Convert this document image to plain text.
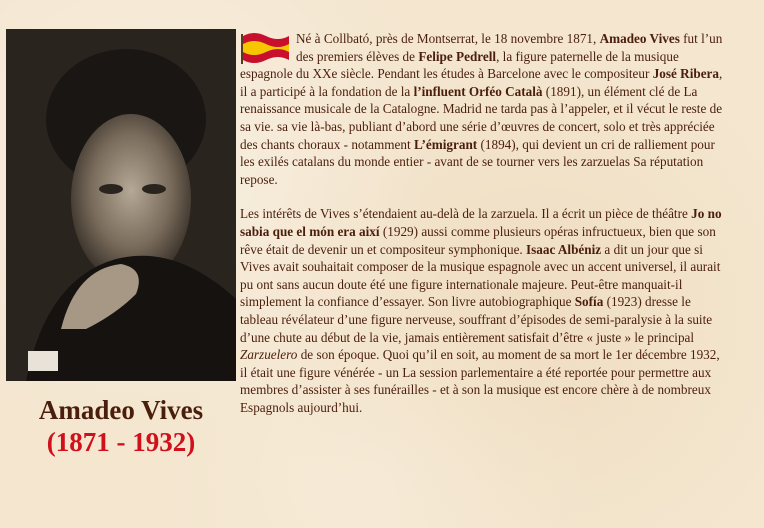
Amadeo Vives
(1871 - 1932)

Né à Collbató, près de Montserrat, le 18 novembre 1871, Amadeo Vives fut l’un des premiers élèves de Felipe Pedrell, la figure paternelle de la musique espagnole du XXe siècle. Pendant les études à Barcelone avec le compositeur José Ribera, il a participé à la fondation de la l’influent Orféo Català (1891), un élément clé de La renaissance musicale de la Catalogne. Madrid ne tarda pas à l’appeler, et il vécut le reste de sa vie. sa vie là-bas, publiant d’abord une série d’œuvres de concert, solo et très appréciée des chants choraux - notamment L’émigrant (1894), qui devient un cri de ralliement pour les exilés catalans du monde entier - avant de se tourner vers les zarzuelas Sa réputation repose.

Les intérêts de Vives s’étendaient au-delà de la zarzuela. Il a écrit un pièce de théâtre Jo no sabia que el món era així (1929) aussi comme plusieurs opéras infructueux, bien que son rêve était de devenir un et compositeur symphonique. Isaac Albéniz a dit un jour que si Vives avait souhaitait composer de la musique espagnole avec un accent universel, il aurait pu ont sans aucun doute été une figure internationale majeure. Peut-être manquait-il simplement la confiance d’essayer. Son livre autobiographique Sofía (1923) dresse le tableau révélateur d’une figure nerveuse, souffrant d’épisodes de semi-paralysie à la suite d’une chute au début de la vie, jamais entièrement satisfait d’être « juste » le principal Zarzuelero de son époque. Quoi qu’il en soit, au moment de sa mort le 1er décembre 1932, il était une figure vénérée - un La session parlementaire a été reportée pour permettre aux membres d’assister à ses funérailles - et à son la musique est encore chère à de nombreux Espagnols aujourd’hui.
